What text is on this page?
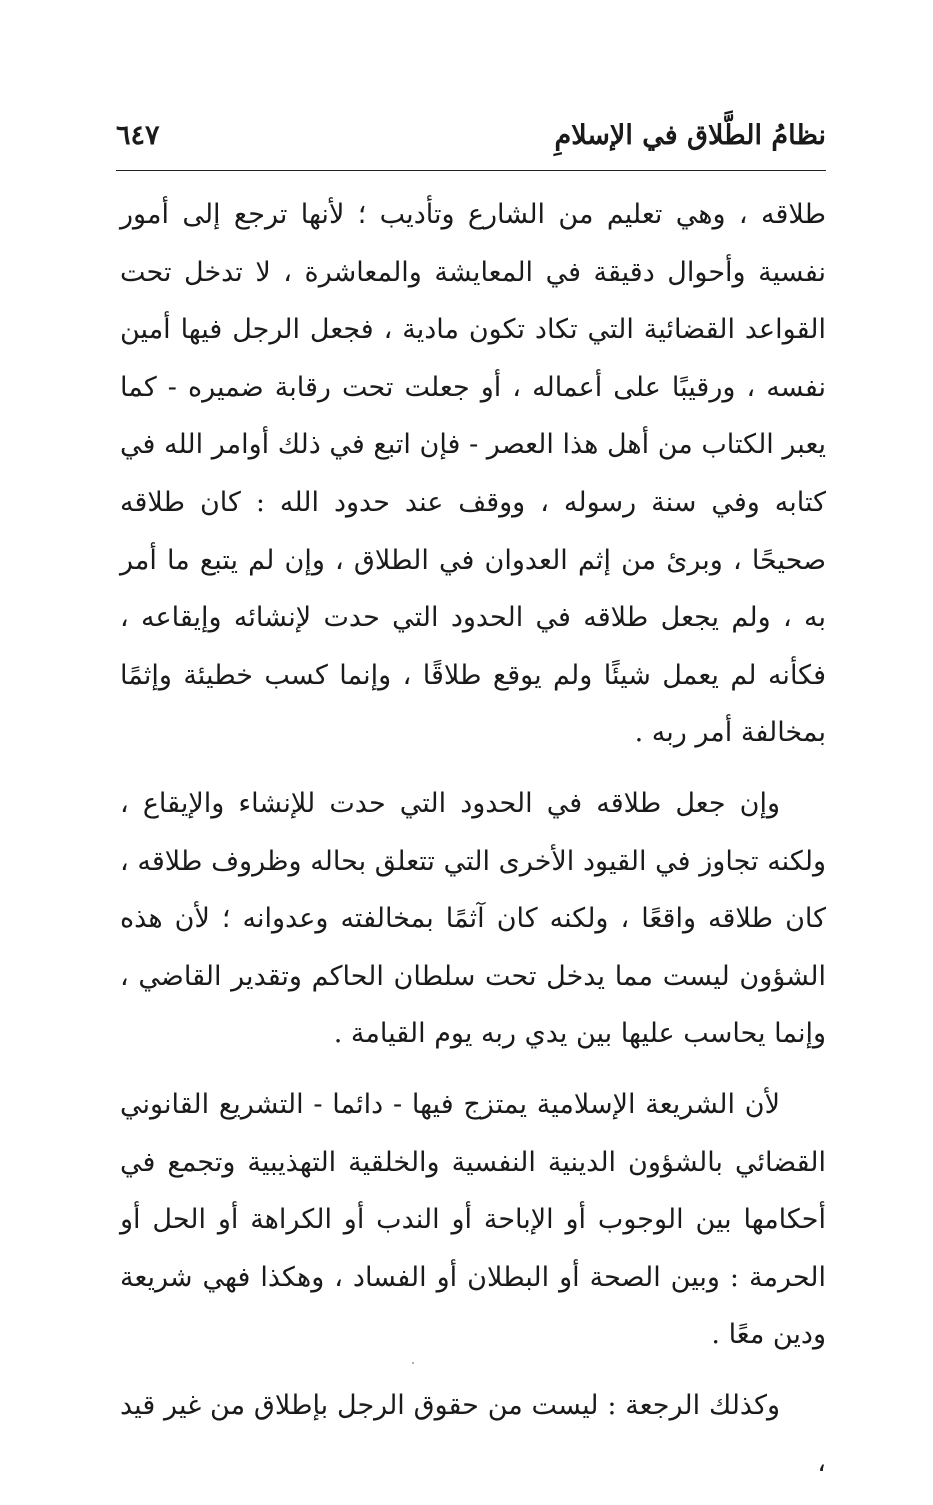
نظامُ الطَّلاق في الإسلامِ
٦٤٧

طلاقه ، وهي تعليم من الشارع وتأديب ؛ لأنها ترجع إلى أمور نفسية وأحوال دقيقة في المعايشة والمعاشرة ، لا تدخل تحت القواعد القضائية التي تكاد تكون مادية ، فجعل الرجل فيها أمين نفسه ، ورقيبًا على أعماله ، أو جعلت تحت رقابة ضميره - كما يعبر الكتاب من أهل هذا العصر - فإن اتبع في ذلك أوامر الله في كتابه وفي سنة رسوله ، ووقف عند حدود الله : كان طلاقه صحيحًا ، وبرئ من إثم العدوان في الطلاق ، وإن لم يتبع ما أمر به ، ولم يجعل طلاقه في الحدود التي حدت لإنشائه وإيقاعه ، فكأنه لم يعمل شيئًا ولم يوقع طلاقًا ، وإنما كسب خطيئة وإثمًا بمخالفة أمر ربه .

وإن جعل طلاقه في الحدود التي حدت للإنشاء والإيقاع ، ولكنه تجاوز في القيود الأخرى التي تتعلق بحاله وظروف طلاقه ، كان طلاقه واقعًا ، ولكنه كان آثمًا بمخالفته وعدوانه ؛ لأن هذه الشؤون ليست مما يدخل تحت سلطان الحاكم وتقدير القاضي ، وإنما يحاسب عليها بين يدي ربه يوم القيامة .

لأن الشريعة الإسلامية يمتزج فيها - دائما - التشريع القانوني القضائي بالشؤون الدينية النفسية والخلقية التهذيبية وتجمع في أحكامها بين الوجوب أو الإباحة أو الندب أو الكراهة أو الحل أو الحرمة : وبين الصحة أو البطلان أو الفساد ، وهكذا فهي شريعة ودين معًا .

وكذلك الرجعة : ليست من حقوق الرجل بإطلاق من غير قيد ،
